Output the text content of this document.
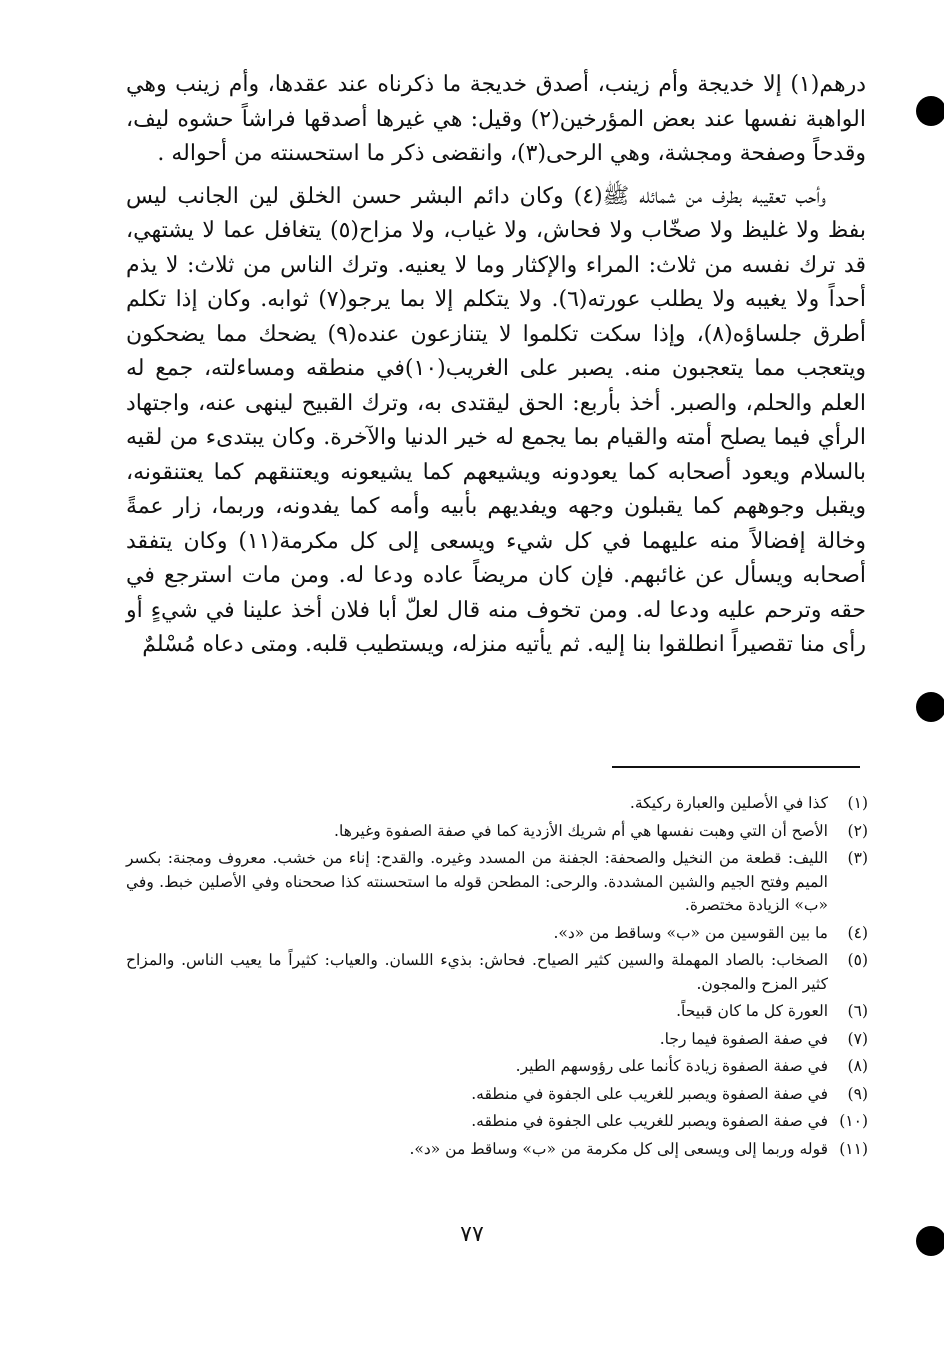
درهم(١) إلا خديجة وأم زينب، أصدق خديجة ما ذكرناه عند عقدها، وأم زينب وهي الواهبة نفسها عند بعض المؤرخين(٢) وقيل: هي غيرها أصدقها فراشاً حشوه ليف، وقدحاً وصفحة ومجشة، وهي الرحى(٣)، وانقضى ذكر ما استحسنته من أحواله .

وأحب تعقيبه بطرف من شمائله ﷺ(٤) وكان دائم البشر حسن الخلق لين الجانب ليس بفظ ولا غليظ ولا صخّاب ولا فحاش، ولا غياب، ولا مزاح(٥) يتغافل عما لا يشتهي، قد ترك نفسه من ثلاث: المراء والإكثار وما لا يعنيه. وترك الناس من ثلاث: لا يذم أحداً ولا يغيبه ولا يطلب عورته(٦). ولا يتكلم إلا بما يرجو(٧) ثوابه. وكان إذا تكلم أطرق جلساؤه(٨)، وإذا سكت تكلموا لا يتنازعون عنده(٩) يضحك مما يضحكون ويتعجب مما يتعجبون منه. يصبر على الغريب(١٠)في منطقه ومساءلته، جمع له العلم والحلم، والصبر. أخذ بأربع: الحق ليقتدى به، وترك القبيح لينهى عنه، واجتهاد الرأي فيما يصلح أمته والقيام بما يجمع له خير الدنيا والآخرة. وكان يبتدىء من لقيه بالسلام ويعود أصحابه كما يعودونه ويشيعهم كما يشيعونه ويعتنقهم كما يعتنقونه، ويقبل وجوههم كما يقبلون وجهه ويفديهم بأبيه وأمه كما يفدونه، وربما، زار عمةً وخالة إفضالاً منه عليهما في كل شيء ويسعى إلى كل مكرمة(١١) وكان يتفقد أصحابه ويسأل عن غائبهم. فإن كان مريضاً عاده ودعا له. ومن مات استرجع في حقه وترحم عليه ودعا له. ومن تخوف منه قال لعلّ أبا فلان أخذ علينا في شيءٍ أو رأى منا تقصيراً انطلقوا بنا إليه. ثم يأتيه منزله، ويستطيب قلبه. ومتى دعاه مُسْلمٌ

(١)
كذا في الأصلين والعبارة ركيكة.
(٢)
الأصح أن التي وهبت نفسها هي أم شريك الأزدية كما في صفة الصفوة وغيرها.
(٣)
الليف: قطعة من النخيل والصحفة: الجفنة من المسدد وغيره. والقدح: إناء من خشب. معروف ومجنة: بكسر الميم وفتح الجيم والشين المشددة. والرحى: المطحن قوله ما استحسنته كذا صححناه وفي الأصلين خبط. وفي «ب» الزيادة مختصرة.
(٤)
ما بين القوسين من «ب» وساقط من «د».
(٥)
الصخاب: بالصاد المهملة والسين كثير الصياح. فحاش: بذيء اللسان. والعياب: كثيراً ما يعيب الناس. والمزاح كثير المزح والمجون.
(٦)
العورة كل ما كان قبيحاً.
(٧)
في صفة الصفوة فيما رجا.
(٨)
في صفة الصفوة زيادة كأنما على رؤوسهم الطير.
(٩)
في صفة الصفوة ويصبر للغريب على الجفوة في منطقه.
(١٠)
في صفة الصفوة ويصبر للغريب على الجفوة في منطقه.
(١١)
قوله وربما إلى ويسعى إلى كل مكرمة من «ب» وساقط من «د».
٧٧
